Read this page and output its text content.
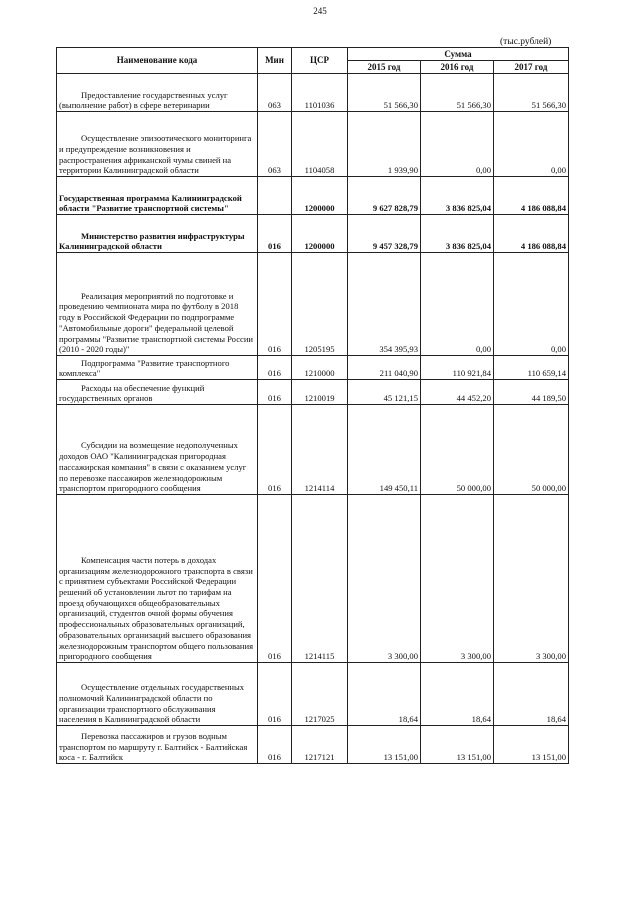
245
(тыс.рублей)
Наименование кода	Мин	ЦСР	Сумма		
			2015 год	2016 год	2017 год
Предоставление государственных услуг (выполнение работ) в сфере ветеринарии	063	1101036	51 566,30	51 566,30	51 566,30
Осуществление эпизоотического мониторинга и предупреждение возникновения и распространения африканской чумы свиней на территории Калининградской области	063	1104058	1 939,90	0,00	0,00
Государственная программа Калининградской области "Развитие транспортной системы"		1200000	9 627 828,79	3 836 825,04	4 186 088,84
Министерство развития инфраструктуры Калининградской области	016	1200000	9 457 328,79	3 836 825,04	4 186 088,84
Реализация мероприятий по подготовке и проведению чемпионата мира по футболу в 2018 году в Российской Федерации по подпрограмме "Автомобильные дороги" федеральной целевой программы "Развитие транспортной системы России (2010 - 2020 годы)"	016	1205195	354 395,93	0,00	0,00
Подпрограмма "Развитие транспортного комплекса"	016	1210000	211 040,90	110 921,84	110 659,14
Расходы на обеспечение функций государственных органов	016	1210019	45 121,15	44 452,20	44 189,50
Субсидии на возмещение недополученных доходов ОАО "Калининградская пригородная пассажирская компания" в связи с оказанием услуг по перевозке пассажиров железнодорожным транспортом пригородного сообщения	016	1214114	149 450,11	50 000,00	50 000,00
Компенсация части потерь в доходах организациям железнодорожного транспорта в связи с принятием субъектами Российской Федерации решений об установлении льгот по тарифам на проезд обучающихся общеобразовательных организаций, студентов очной формы обучения профессиональных образовательных организаций, образовательных организаций высшего образования железнодорожным транспортом общего пользования пригородного сообщения	016	1214115	3 300,00	3 300,00	3 300,00
Осуществление отдельных государственных полномочий Калининградской области по организации транспортного обслуживания населения в Калининградской области	016	1217025	18,64	18,64	18,64
Перевозка пассажиров и грузов водным транспортом по маршруту г. Балтийск - Балтийская коса - г. Балтийск	016	1217121	13 151,00	13 151,00	13 151,00
